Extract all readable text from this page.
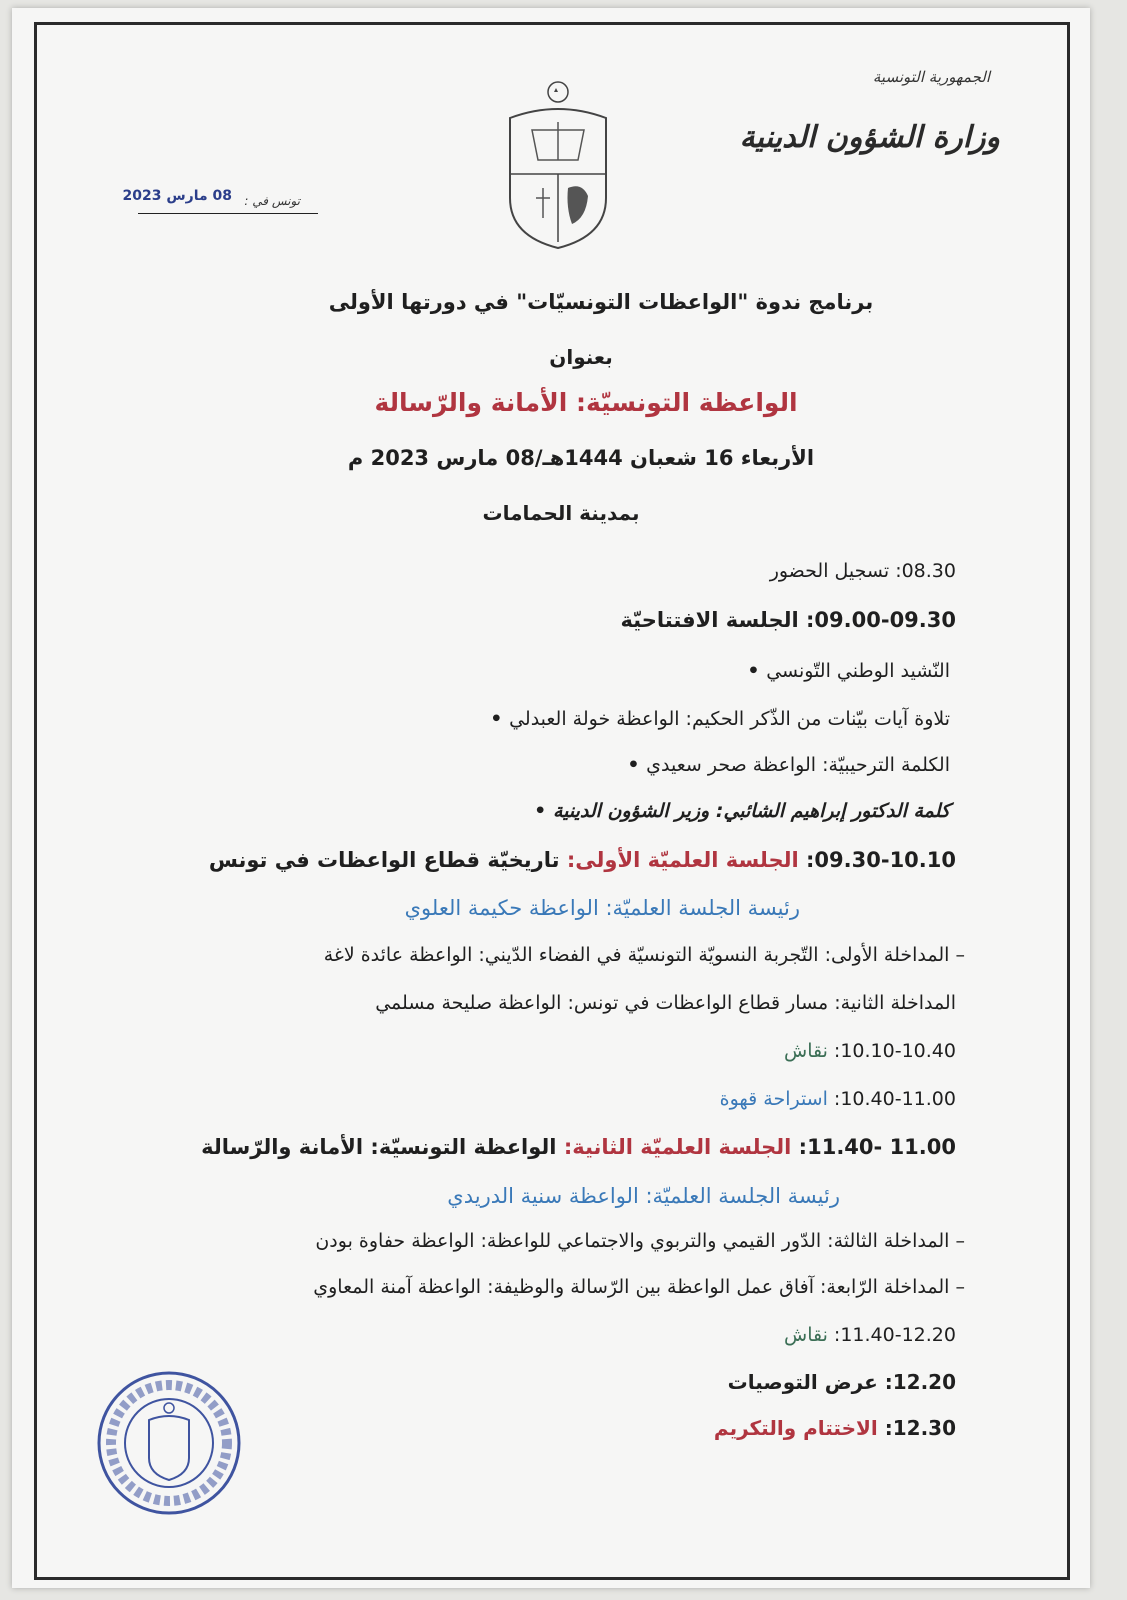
الجمهورية التونسية
وزارة الشؤون الدينية
تونس في :
08 مارس 2023
برنامج ندوة "الواعظات التونسيّات" في دورتها الأولى
بعنوان
الواعظة التونسيّة: الأمانة والرّسالة
الأربعاء 16 شعبان 1444هـ/08 مارس 2023 م
بمدينة الحمامات
08.30: تسجيل الحضور
09.00-09.30: الجلسة الافتتاحيّة
النّشيد الوطني التّونسي •
تلاوة آيات بيّنات من الذّكر الحكيم: الواعظة خولة العبدلي •
الكلمة الترحيبيّة: الواعظة صحر سعيدي •
كلمة الدكتور إبراهيم الشائبي: وزير الشؤون الدينية •
09.30-10.10: الجلسة العلميّة الأولى: تاريخيّة قطاع الواعظات في تونس
رئيسة الجلسة العلميّة: الواعظة حكيمة العلوي
– المداخلة الأولى: التّجربة النسويّة التونسيّة في الفضاء الدّيني: الواعظة عائدة لاغة
المداخلة الثانية: مسار قطاع الواعظات في تونس: الواعظة صليحة مسلمي
10.10-10.40: نقاش
10.40-11.00: استراحة قهوة
11.00 -11.40: الجلسة العلميّة الثانية: الواعظة التونسيّة: الأمانة والرّسالة
رئيسة الجلسة العلميّة: الواعظة سنية الدريدي
– المداخلة الثالثة: الدّور القيمي والتربوي والاجتماعي للواعظة: الواعظة حفاوة بودن
– المداخلة الرّابعة: آفاق عمل الواعظة بين الرّسالة والوظيفة: الواعظة آمنة المعاوي
11.40-12.20: نقاش
12.20: عرض التوصيات
12.30: الاختتام والتكريم
